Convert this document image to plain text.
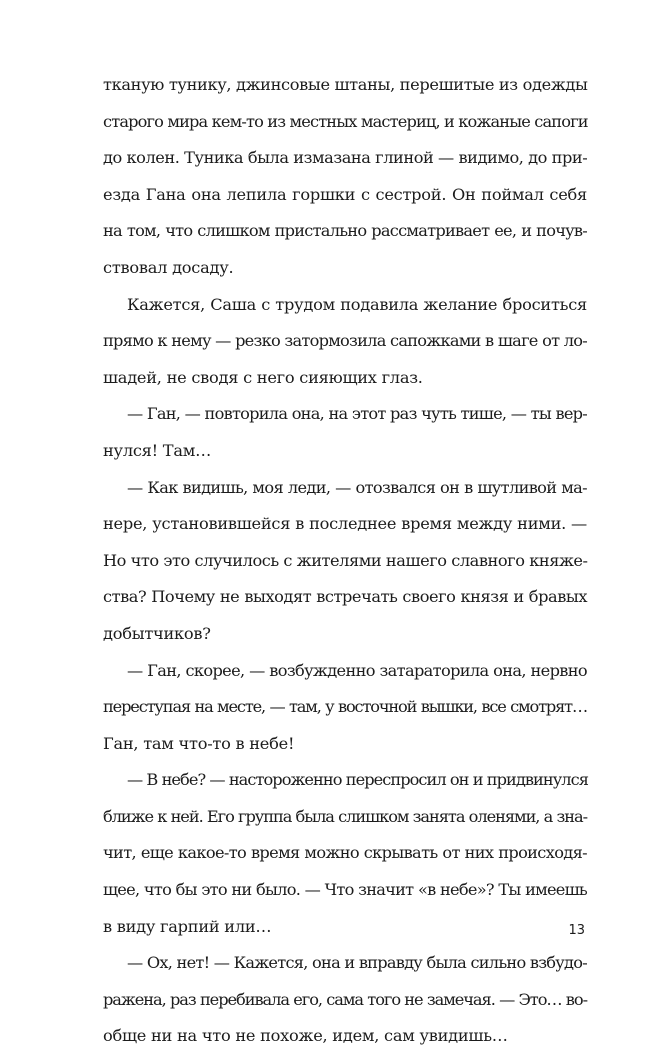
тканую тунику, джинсовые штаны, перешитые из одежды
старого мира кем-то из местных мастериц, и кожаные сапоги
до колен. Туника была измазана глиной — видимо, до при-
езда Гана она лепила горшки с сестрой. Он поймал себя
на том, что слишком пристально рассматривает ее, и почув-
ствовал досаду.
Кажется, Саша с трудом подавила желание броситься
прямо к нему — резко затормозила сапожками в шаге от ло-
шадей, не сводя с него сияющих глаз.
— Ган, — повторила она, на этот раз чуть тише, — ты вер-
нулся! Там…
— Как видишь, моя леди, — отозвался он в шутливой ма-
нере, установившейся в последнее время между ними. —
Но что это случилось с жителями нашего славного княже-
ства? Почему не выходят встречать своего князя и бравых
добытчиков?
— Ган, скорее, — возбужденно затараторила она, нервно
переступая на месте, — там, у восточной вышки, все смотрят…
Ган, там что-то в небе!
— В небе? — настороженно переспросил он и придвинулся
ближе к ней. Его группа была слишком занята оленями, а зна-
чит, еще какое-то время можно скрывать от них происходя-
щее, что бы это ни было. — Что значит «в небе»? Ты имеешь
в виду гарпий или…
— Ох, нет! — Кажется, она и вправду была сильно взбудо-
ражена, раз перебивала его, сама того не замечая. — Это… во-
обще ни на что не похоже, идем, сам увидишь…
13
